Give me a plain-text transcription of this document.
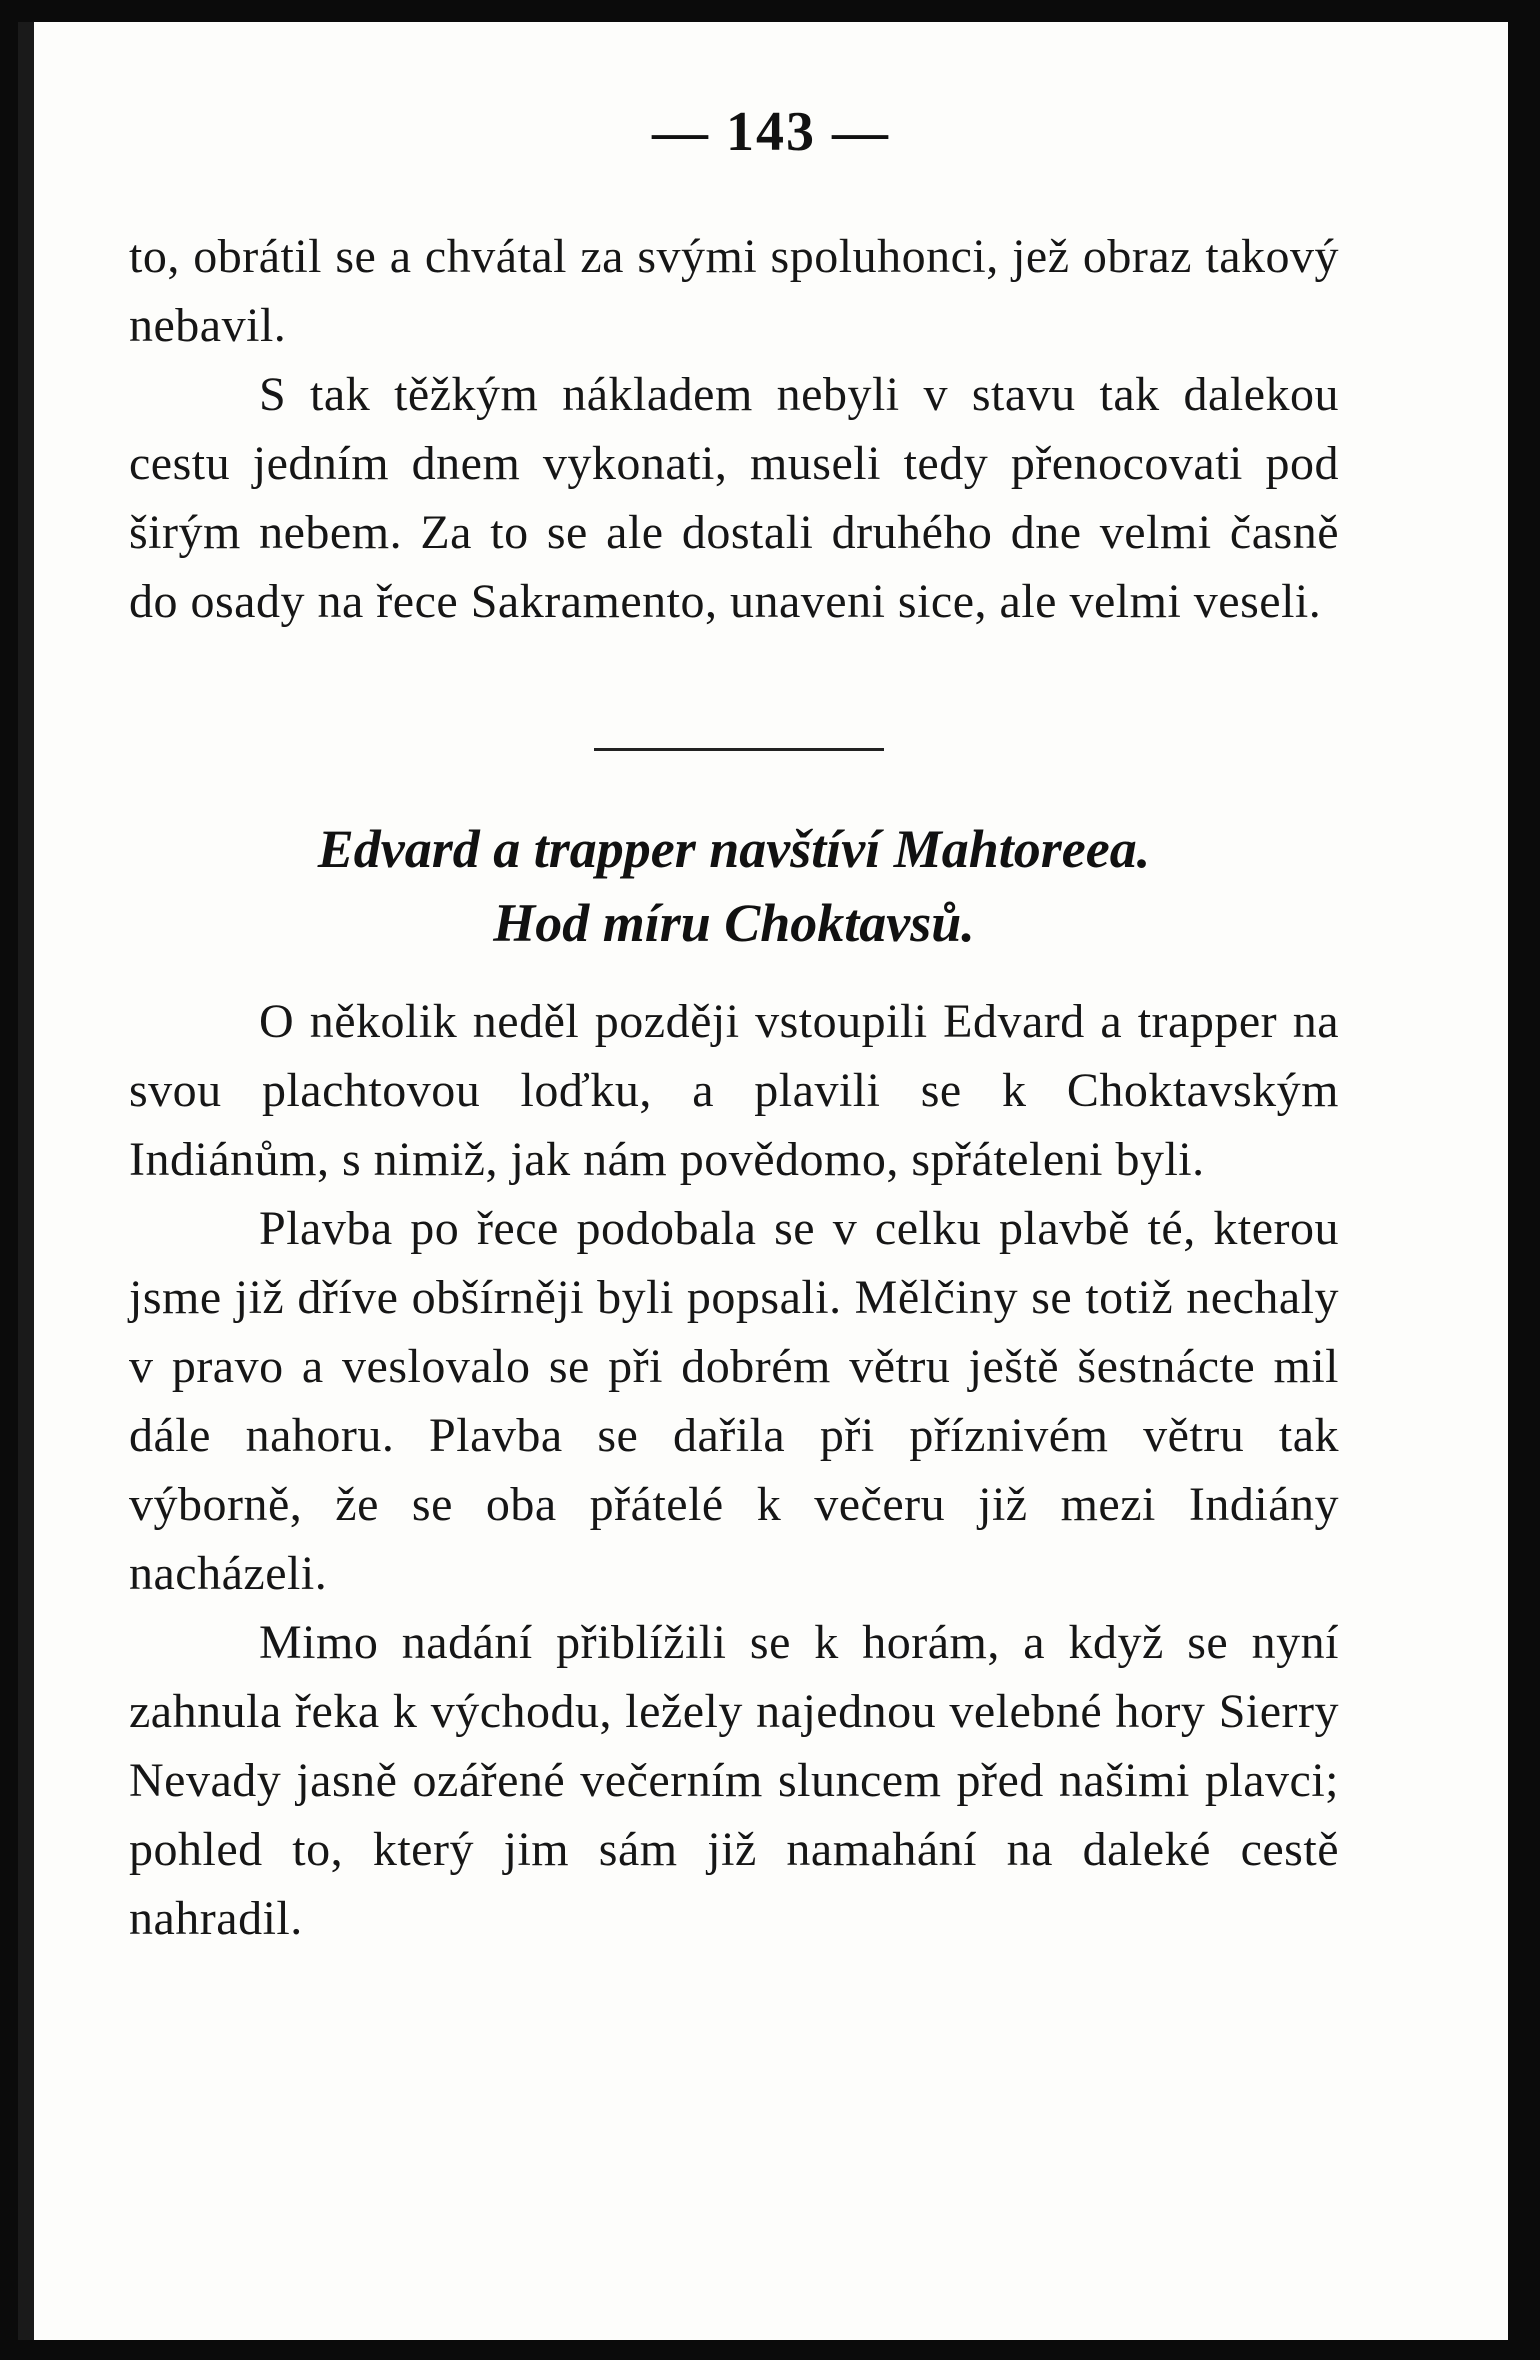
— 143 —

to, obrátil se a chvátal za svými spoluhonci, jež obraz takový nebavil.

S tak těžkým nákladem nebyli v stavu tak dalekou cestu jedním dnem vykonati, museli tedy přenocovati pod širým nebem. Za to se ale dostali druhého dne velmi časně do osady na řece Sakramento, unaveni sice, ale velmi veseli.

Edvard a trapper navštíví Mahtoreea.
Hod míru Choktavsů.

O několik neděl později vstoupili Edvard a trapper na svou plachtovou loďku, a plavili se k Choktavským Indiánům, s nimiž, jak nám povědomo, spřáteleni byli.

Plavba po řece podobala se v celku plavbě té, kterou jsme již dříve obšírněji byli popsali. Mělčiny se totiž nechaly v pravo a veslovalo se při dobrém větru ještě šestnácte mil dále nahoru. Plavba se dařila při příznivém větru tak výborně, že se oba přátelé k večeru již mezi Indiány nacházeli.

Mimo nadání přiblížili se k horám, a když se nyní zahnula řeka k východu, ležely najednou velebné hory Sierry Nevady jasně ozářené večerním sluncem před našimi plavci; pohled to, který jim sám již namahání na daleké cestě nahradil.
